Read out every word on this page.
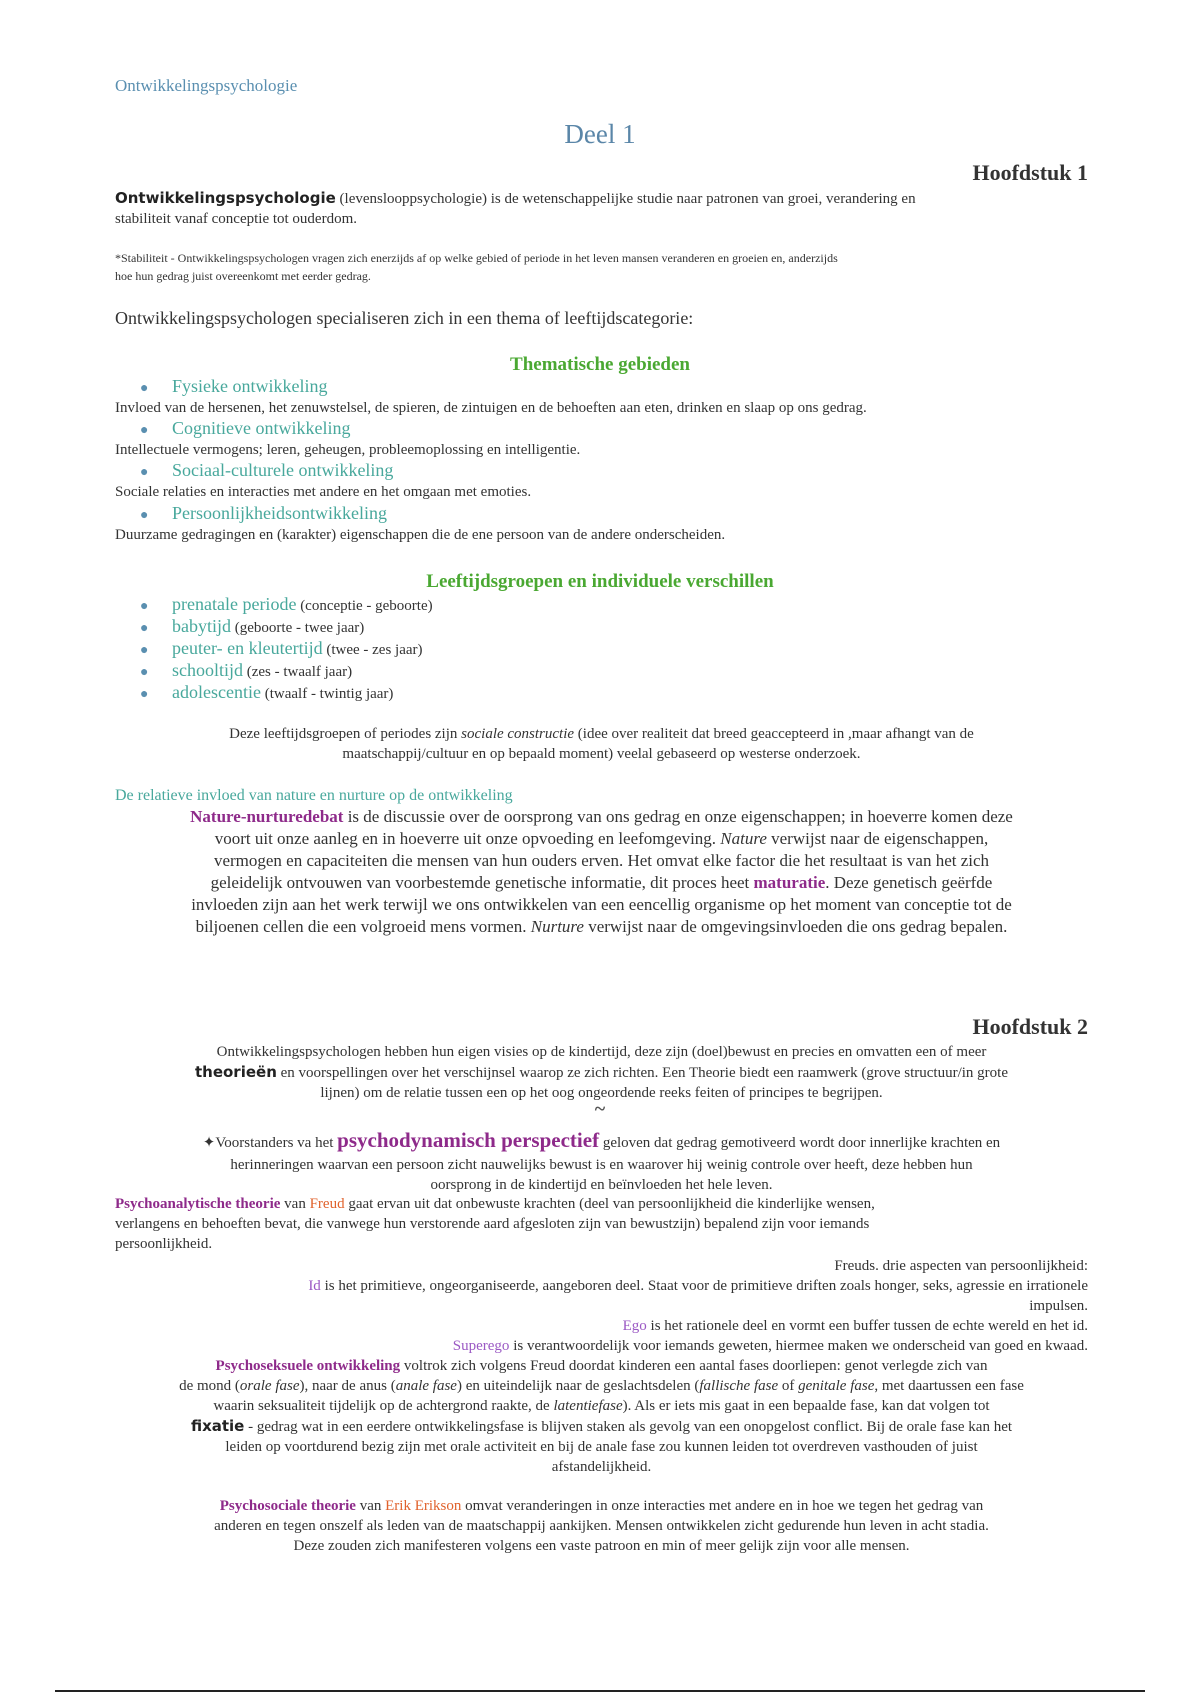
Ontwikkelingspsychologie
Deel 1
Hoofdstuk 1
Ontwikkelingspsychologie (levenslooppsychologie) is de wetenschappelijke studie naar patronen van groei, verandering en
stabiliteit vanaf conceptie tot ouderdom.
*Stabiliteit - Ontwikkelingspsychologen vragen zich enerzijds af op welke gebied of periode in het leven mansen veranderen en groeien en, anderzijds
hoe hun gedrag juist overeenkomt met eerder gedrag.
Ontwikkelingspsychologen specialiseren zich in een thema of leeftijdscategorie:
Thematische gebieden
● Fysieke ontwikkeling
Invloed van de hersenen, het zenuwstelsel, de spieren, de zintuigen en de behoeften aan eten, drinken en slaap op ons gedrag.
● Cognitieve ontwikkeling
Intellectuele vermogens; leren, geheugen, probleemoplossing en intelligentie.
● Sociaal-culturele ontwikkeling
Sociale relaties en interacties met andere en het omgaan met emoties.
● Persoonlijkheidsontwikkeling
Duurzame gedragingen en (karakter) eigenschappen die de ene persoon van de andere onderscheiden.
Leeftijdsgroepen en individuele verschillen
● prenatale periode (conceptie - geboorte)
● babytijd (geboorte - twee jaar)
● peuter- en kleutertijd (twee - zes jaar)
● schooltijd (zes - twaalf jaar)
● adolescentie (twaalf - twintig jaar)
Deze leeftijdsgroepen of periodes zijn sociale constructie (idee over realiteit dat breed geaccepteerd in ,maar afhangt van de
maatschappij/cultuur en op bepaald moment) veelal gebaseerd op westerse onderzoek.
De relatieve invloed van nature en nurture op de ontwikkeling
Nature-nurturedebat is de discussie over de oorsprong van ons gedrag en onze eigenschappen; in hoeverre komen deze
voort uit onze aanleg en in hoeverre uit onze opvoeding en leefomgeving. Nature verwijst naar de eigenschappen,
vermogen en capaciteiten die mensen van hun ouders erven. Het omvat elke factor die het resultaat is van het zich
geleidelijk ontvouwen van voorbestemde genetische informatie, dit proces heet maturatie. Deze genetisch geërfde
invloeden zijn aan het werk terwijl we ons ontwikkelen van een eencellig organisme op het moment van conceptie tot de
biljoenen cellen die een volgroeid mens vormen. Nurture verwijst naar de omgevingsinvloeden die ons gedrag bepalen.
Hoofdstuk 2
Ontwikkelingspsychologen hebben hun eigen visies op de kindertijd, deze zijn (doel)bewust en precies en omvatten een of meer
theorieën en voorspellingen over het verschijnsel waarop ze zich richten. Een Theorie biedt een raamwerk (grove structuur/in grote
lijnen) om de relatie tussen een op het oog ongeordende reeks feiten of principes te begrijpen.
~
✦Voorstanders va het psychodynamisch perspectief geloven dat gedrag gemotiveerd wordt door innerlijke krachten en
herinneringen waarvan een persoon zicht nauwelijks bewust is en waarover hij weinig controle over heeft, deze hebben hun
oorsprong in de kindertijd en beïnvloeden het hele leven.
Psychoanalytische theorie van Freud gaat ervan uit dat onbewuste krachten (deel van persoonlijkheid die kinderlijke wensen,
verlangens en behoeften bevat, die vanwege hun verstorende aard afgesloten zijn van bewustzijn) bepalend zijn voor iemands
persoonlijkheid.
Freuds. drie aspecten van persoonlijkheid:
Id is het primitieve, ongeorganiseerde, aangeboren deel. Staat voor de primitieve driften zoals honger, seks, agressie en irrationele
impulsen.
Ego is het rationele deel en vormt een buffer tussen de echte wereld en het id.
Superego is verantwoordelijk voor iemands geweten, hiermee maken we onderscheid van goed en kwaad.
Psychoseksuele ontwikkeling voltrok zich volgens Freud doordat kinderen een aantal fases doorliepen: genot verlegde zich van
de mond (orale fase), naar de anus (anale fase) en uiteindelijk naar de geslachtsdelen (fallische fase of genitale fase, met daartussen een fase
waarin seksualiteit tijdelijk op de achtergrond raakte, de latentiefase). Als er iets mis gaat in een bepaalde fase, kan dat volgen tot
fixatie - gedrag wat in een eerdere ontwikkelingsfase is blijven staken als gevolg van een onopgelost conflict. Bij de orale fase kan het
leiden op voortdurend bezig zijn met orale activiteit en bij de anale fase zou kunnen leiden tot overdreven vasthouden of juist
afstandelijkheid.
Psychosociale theorie van Erik Erikson omvat veranderingen in onze interacties met andere en in hoe we tegen het gedrag van
anderen en tegen onszelf als leden van de maatschappij aankijken. Mensen ontwikkelen zicht gedurende hun leven in acht stadia.
Deze zouden zich manifesteren volgens een vaste patroon en min of meer gelijk zijn voor alle mensen.
